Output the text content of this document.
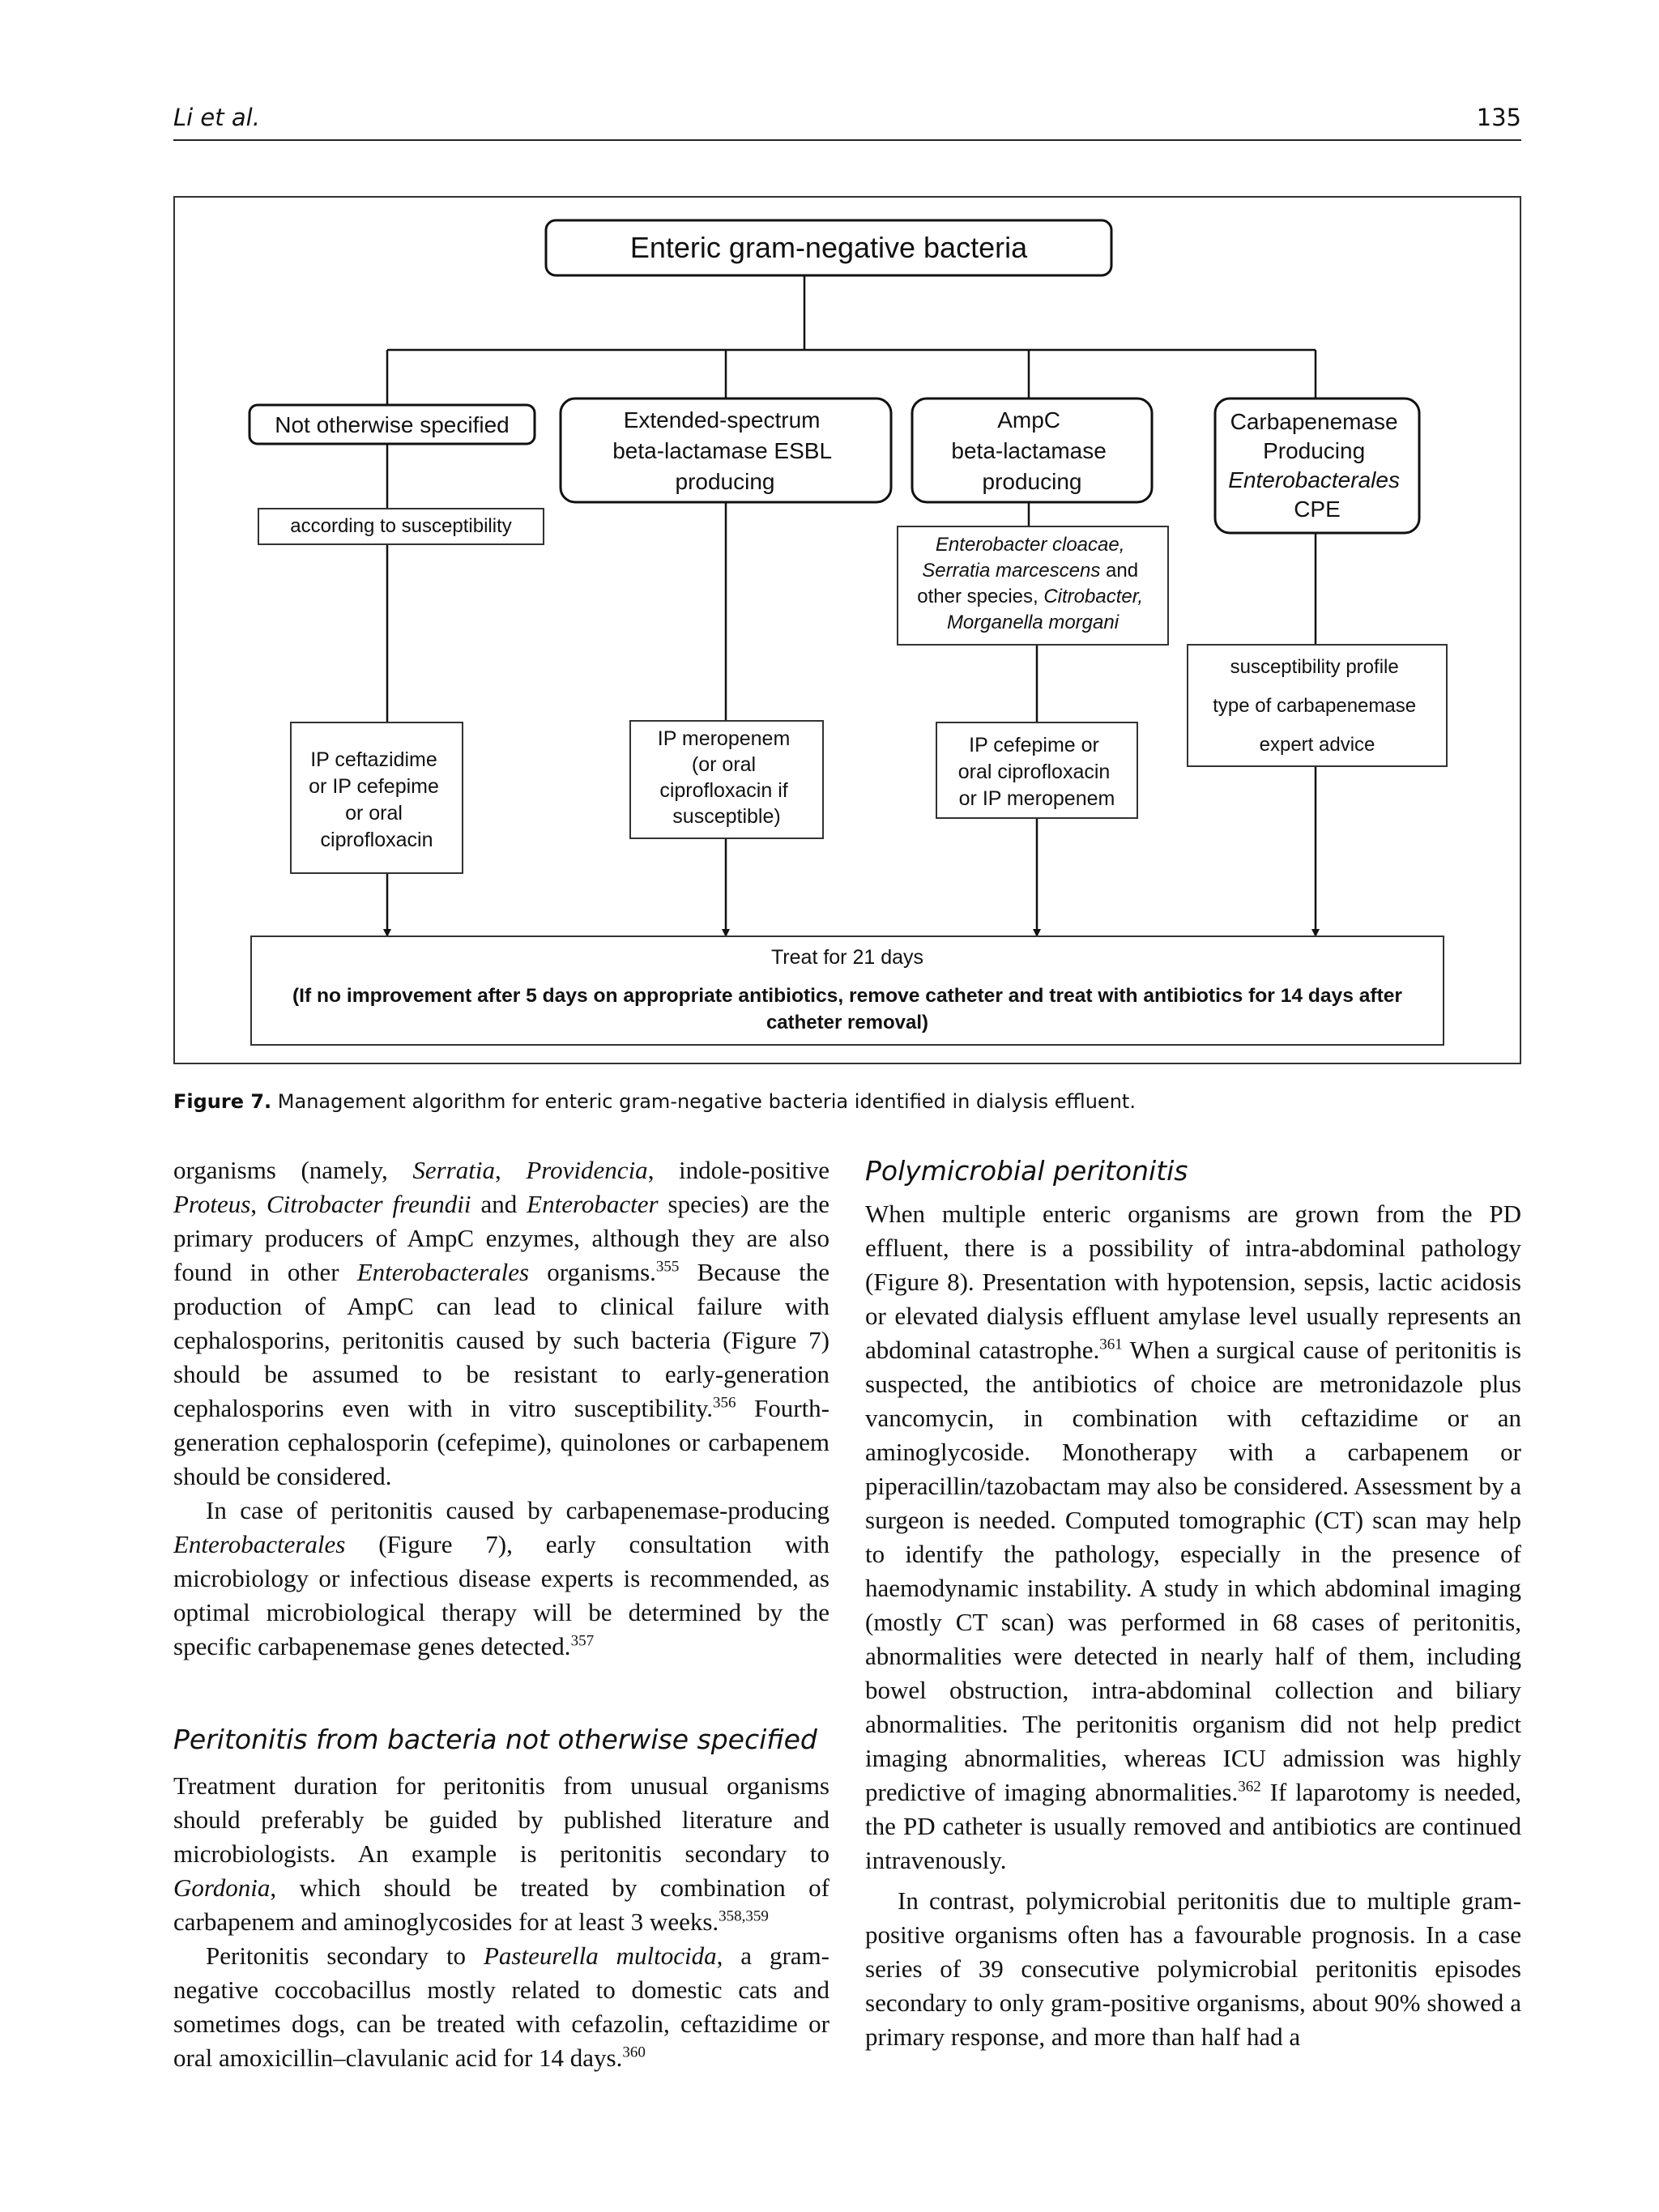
Li et al.	135
Enteric gram-negative bacteria
Not otherwise specified
according to susceptibility
IP ceftazidime or IP cefepime or oral ciprofloxacin
Extended-spectrum beta-lactamase ESBL producing
IP meropenem (or oral ciprofloxacin if susceptible)
AmpC beta-lactamase producing
Enterobacter cloacae, Serratia marcescens and other species, Citrobacter, Morganella morgani
IP cefepime or oral ciprofloxacin or IP meropenem
Carbapenemase Producing Enterobacterales CPE
susceptibility profile type of carbapenemase expert advice
Treat for 21 days
(If no improvement after 5 days on appropriate antibiotics, remove catheter and treat with antibiotics for 14 days after
catheter removal)
Figure 7. Management algorithm for enteric gram-negative bacteria identified in dialysis effluent.

organisms (namely, Serratia, Providencia, indole-positive Proteus, Citrobacter freundii and Enterobacter species) are the primary producers of AmpC enzymes, although they are also found in other Enterobacterales organisms.$^{355}$ Because the production of AmpC can lead to clinical failure with cephalosporins, peritonitis caused by such bacteria (Figure 7) should be assumed to be resistant to early-generation cephalosporins even with in vitro susceptibility.$^{356}$ Fourth-generation cephalosporin (cefepime), quinolones or carbapenem should be considered.

In case of peritonitis caused by carbapenemase-producing Enterobacterales (Figure 7), early consultation with microbiology or infectious disease experts is recommended, as optimal microbiological therapy will be determined by the specific carbapenemase genes detected.$^{357}$

Peritonitis from bacteria not otherwise specified

Treatment duration for peritonitis from unusual organisms should preferably be guided by published literature and microbiologists. An example is peritonitis secondary to Gordonia, which should be treated by combination of carbapenem and aminoglycosides for at least 3 weeks.$^{358,359}$

Peritonitis secondary to Pasteurella multocida, a gram-negative coccobacillus mostly related to domestic cats and sometimes dogs, can be treated with cefazolin, ceftazidime or oral amoxicillin–clavulanic acid for 14 days.$^{360}$

Polymicrobial peritonitis

When multiple enteric organisms are grown from the PD effluent, there is a possibility of intra-abdominal pathology (Figure 8). Presentation with hypotension, sepsis, lactic acidosis or elevated dialysis effluent amylase level usually represents an abdominal catastrophe.$^{361}$ When a surgical cause of peritonitis is suspected, the antibiotics of choice are metronidazole plus vancomycin, in combination with ceftazidime or an aminoglycoside. Monotherapy with a carbapenem or piperacillin/tazobactam may also be considered. Assessment by a surgeon is needed. Computed tomographic (CT) scan may help to identify the pathology, especially in the presence of haemodynamic instability. A study in which abdominal imaging (mostly CT scan) was performed in 68 cases of peritonitis, abnormalities were detected in nearly half of them, including bowel obstruction, intra-abdominal collection and biliary abnormalities. The peritonitis organism did not help predict imaging abnormalities, whereas ICU admission was highly predictive of imaging abnormalities.$^{362}$ If laparotomy is needed, the PD catheter is usually removed and antibiotics are continued intravenously.

In contrast, polymicrobial peritonitis due to multiple gram-positive organisms often has a favourable prognosis. In a case series of 39 consecutive polymicrobial peritonitis episodes secondary to only gram-positive organisms, about 90% showed a primary response, and more than half had a
